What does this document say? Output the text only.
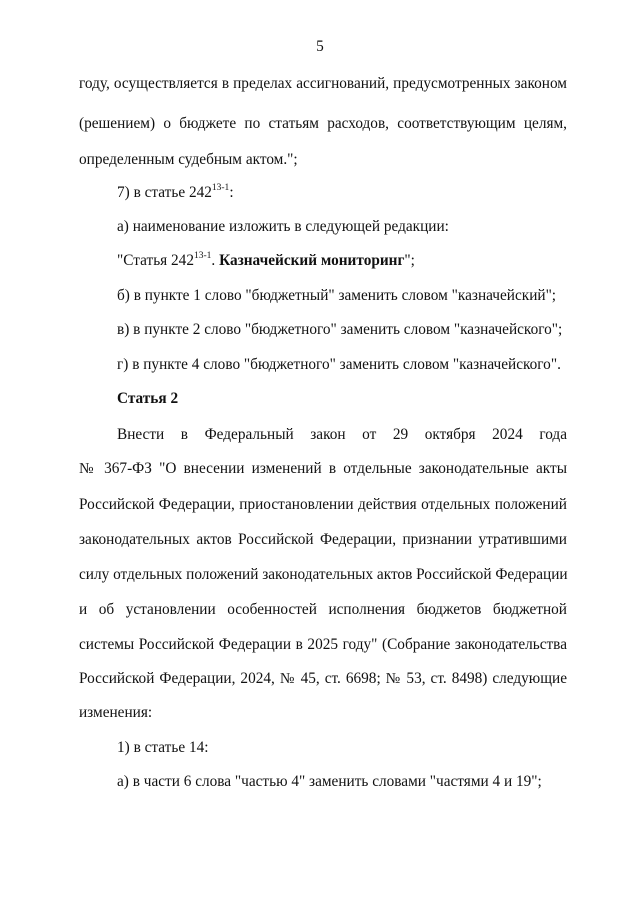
5
году, осуществляется в пределах ассигнований, предусмотренных законом
(решением) о бюджете по статьям расходов, соответствующим целям,
определенным судебным актом.";
7) в статье 242$^{13-1}$:
а) наименование изложить в следующей редакции:
"Статья 242$^{13-1}$. Казначейский мониторинг";
б) в пункте 1 слово "бюджетный" заменить словом "казначейский";
в) в пункте 2 слово "бюджетного" заменить словом "казначейского";
г) в пункте 4 слово "бюджетного" заменить словом "казначейского".
Статья 2
Внести в Федеральный закон от 29 октября 2024 года
№ 367-ФЗ "О внесении изменений в отдельные законодательные акты
Российской Федерации, приостановлении действия отдельных положений
законодательных актов Российской Федерации, признании утратившими
силу отдельных положений законодательных актов Российской Федерации
и об установлении особенностей исполнения бюджетов бюджетной
системы Российской Федерации в 2025 году" (Собрание законодательства
Российской Федерации, 2024, № 45, ст. 6698; № 53, ст. 8498) следующие
изменения:
1) в статье 14:
а) в части 6 слова "частью 4" заменить словами "частями 4 и 19";
